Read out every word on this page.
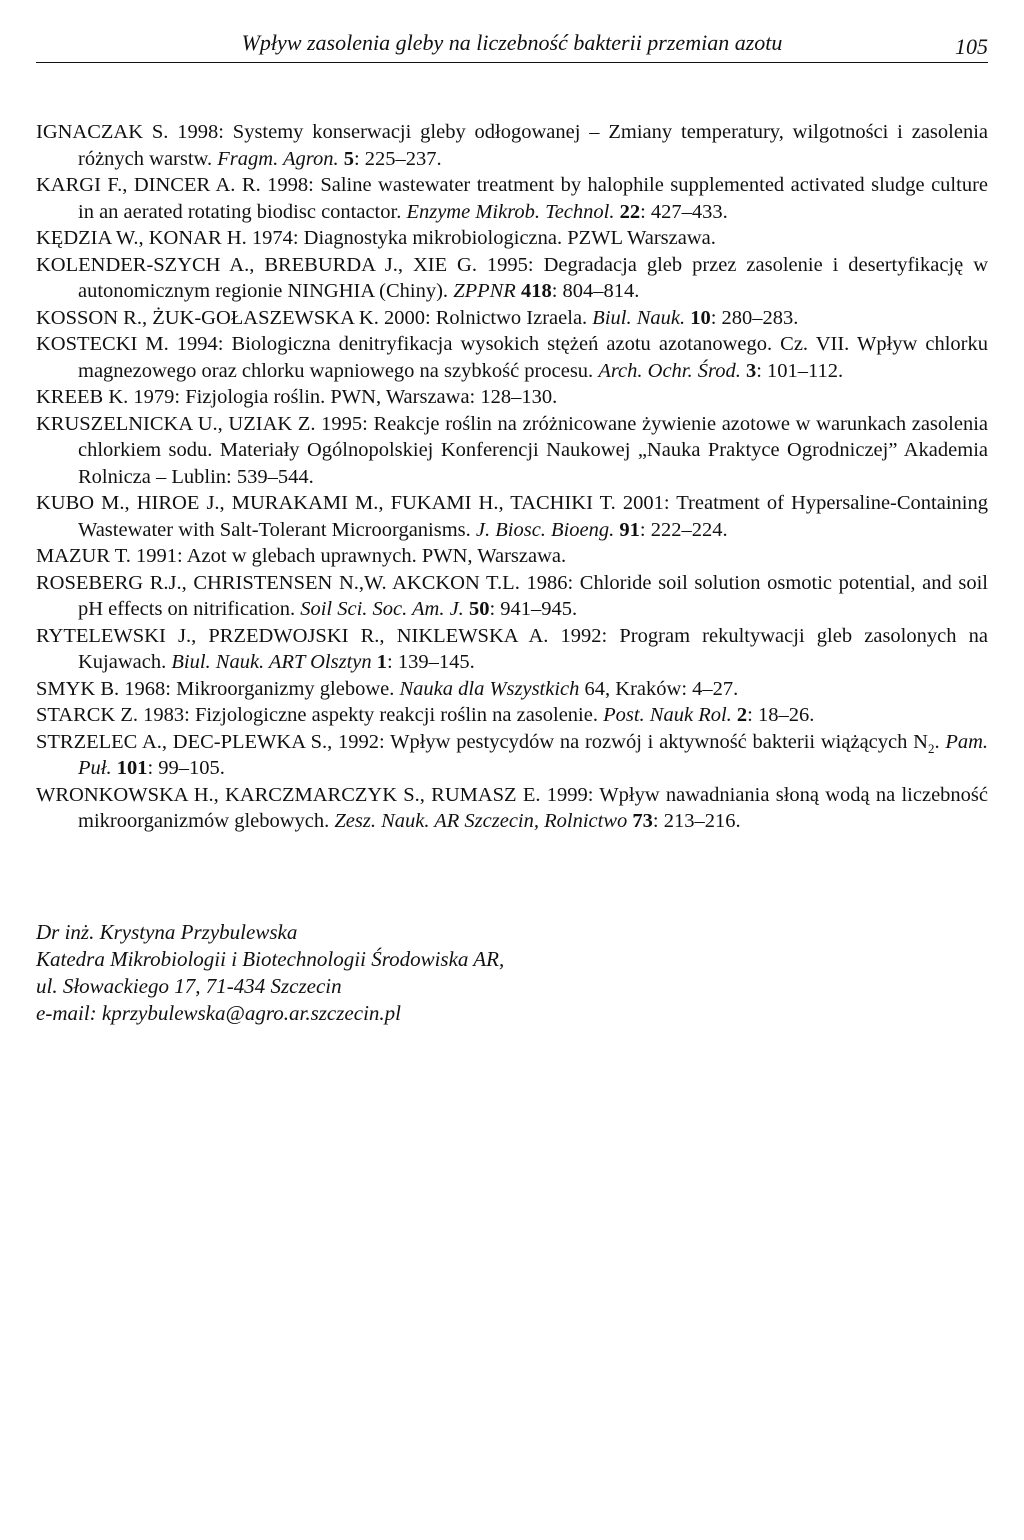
Wpływ zasolenia gleby na liczebność bakterii przemian azotu	105

IGNACZAK S. 1998: Systemy konserwacji gleby odłogowanej – Zmiany temperatury, wilgotności i zasolenia różnych warstw. Fragm. Agron. 5: 225–237.

KARGI F., DINCER A. R. 1998: Saline wastewater treatment by halophile supplemented activated sludge culture in an aerated rotating biodisc contactor. Enzyme Mikrob. Technol. 22: 427–433.

KĘDZIA W., KONAR H. 1974: Diagnostyka mikrobiologiczna. PZWL Warszawa.

KOLENDER-SZYCH A., BREBURDA J., XIE G. 1995: Degradacja gleb przez zasolenie i desertyfikację w autonomicznym regionie NINGHIA (Chiny). ZPPNR 418: 804–814.

KOSSON R., ŻUK-GOŁASZEWSKA K. 2000: Rolnictwo Izraela. Biul. Nauk. 10: 280–283.

KOSTECKI M. 1994: Biologiczna denitryfikacja wysokich stężeń azotu azotanowego. Cz. VII. Wpływ chlorku magnezowego oraz chlorku wapniowego na szybkość procesu. Arch. Ochr. Środ. 3: 101–112.

KREEB K. 1979: Fizjologia roślin. PWN, Warszawa: 128–130.

KRUSZELNICKA U., UZIAK Z. 1995: Reakcje roślin na zróżnicowane żywienie azotowe w warunkach zasolenia chlorkiem sodu. Materiały Ogólnopolskiej Konferencji Naukowej „Nauka Praktyce Ogrodniczej” Akademia Rolnicza – Lublin: 539–544.

KUBO M., HIROE J., MURAKAMI M., FUKAMI H., TACHIKI T. 2001: Treatment of Hypersaline-Containing Wastewater with Salt-Tolerant Microorganisms. J. Biosc. Bioeng. 91: 222–224.

MAZUR T. 1991: Azot w glebach uprawnych. PWN, Warszawa.

ROSEBERG R.J., CHRISTENSEN N.,W. AKCKON T.L. 1986: Chloride soil solution osmotic potential, and soil pH effects on nitrification. Soil Sci. Soc. Am. J. 50: 941–945.

RYTELEWSKI J., PRZEDWOJSKI R., NIKLEWSKA A. 1992: Program rekultywacji gleb zasolonych na Kujawach. Biul. Nauk. ART Olsztyn 1: 139–145.

SMYK B. 1968: Mikroorganizmy glebowe. Nauka dla Wszystkich 64, Kraków: 4–27.

STARCK Z. 1983: Fizjologiczne aspekty reakcji roślin na zasolenie. Post. Nauk Rol. 2: 18–26.

STRZELEC A., DEC-PLEWKA S., 1992: Wpływ pestycydów na rozwój i aktywność bakterii wiążących $N_2$. Pam. Puł. 101: 99–105.

WRONKOWSKA H., KARCZMARCZYK S., RUMASZ E. 1999: Wpływ nawadniania słoną wodą na liczebność mikroorganizmów glebowych. Zesz. Nauk. AR Szczecin, Rolnictwo 73: 213–216.

Dr inż. Krystyna Przybulewska
Katedra Mikrobiologii i Biotechnologii Środowiska AR,
ul. Słowackiego 17, 71-434 Szczecin
e-mail: kprzybulewska@agro.ar.szczecin.pl
